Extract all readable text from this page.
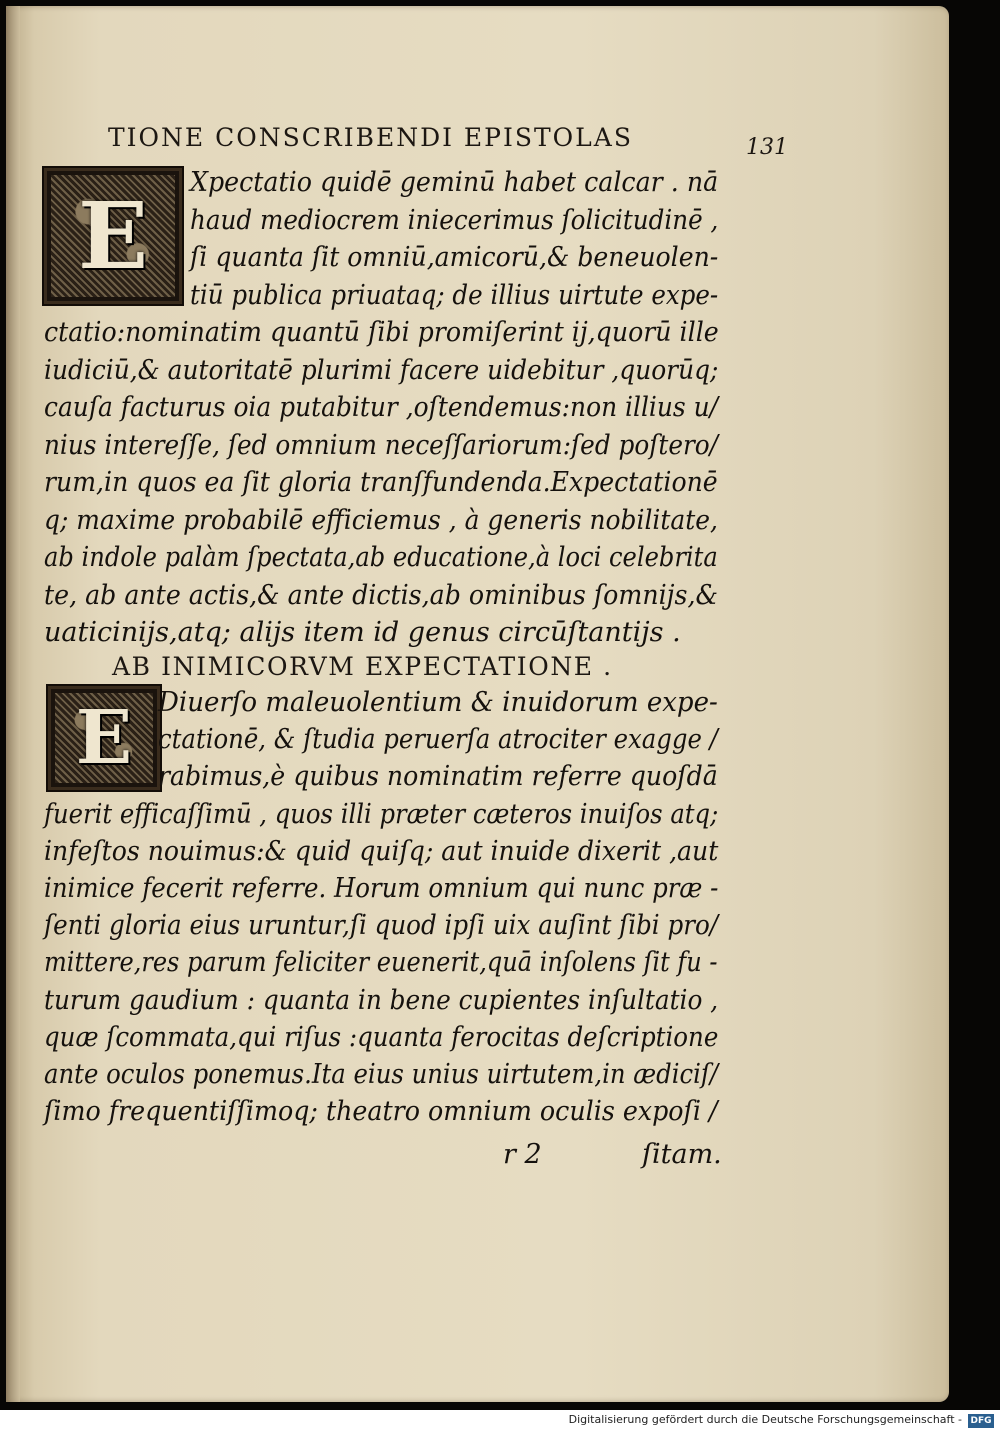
TIONE CONSCRIBENDI EPISTOLAS	131
E	Xpectatio quidē geminū habet calcar . nā
haud mediocrem iniecerimus ſolicitudinē ,
ſi quanta ſit omniū,amicorū,& beneuolen‑
tiū publica priuataq; de illius uirtute expe‑
ctatio:nominatim quantū ſibi promiſerint ij,quorū ille
iudiciū,& autoritatē plurimi facere uidebitur ,quorūq;
cauſa facturus oia putabitur ,oſtendemus:non illius u/
nius intereſſe, ſed omnium neceſſariorum:ſed poſtero/
rum,in quos ea ſit gloria tranſfundenda.Expectationē
q; maxime probabilē efficiemus , à generis nobilitate,
ab indole palàm ſpectata,ab educatione,à loci celebrita
te, ab ante actis,& ante dictis,ab ominibus ſomnijs,&
uaticinijs,atq; alijs item id genus circūſtantijs .
AB INIMICORVM EXPECTATIONE .
E Diuerſo maleuolentium & inuidorum expe‑
ctationē, & ſtudia peruerſa atrociter exagge /
rabimus,è quibus nominatim referre quoſdā
fuerit efficaſſimū , quos illi præter cæteros inuiſos atq;
infeſtos nouimus:& quid quiſq; aut inuide dixerit ,aut
inimice fecerit referre. Horum omnium qui nunc præ ‑
ſenti gloria eius uruntur,ſi quod ipſi uix auſint ſibi pro/
mittere,res parum feliciter euenerit,quā inſolens ſit fu ‑
turum gaudium : quanta in bene cupientes inſultatio ,
quæ ſcommata,qui riſus :quanta ferocitas deſcriptione
ante oculos ponemus.Ita eius unius uirtutem,in ædiciſ/
ſimo frequentiſſimoq; theatro omnium oculis expoſi /
r 2	ſitam.
Digitalisierung gefördert durch die Deutsche Forschungsgemeinschaft - DFG
